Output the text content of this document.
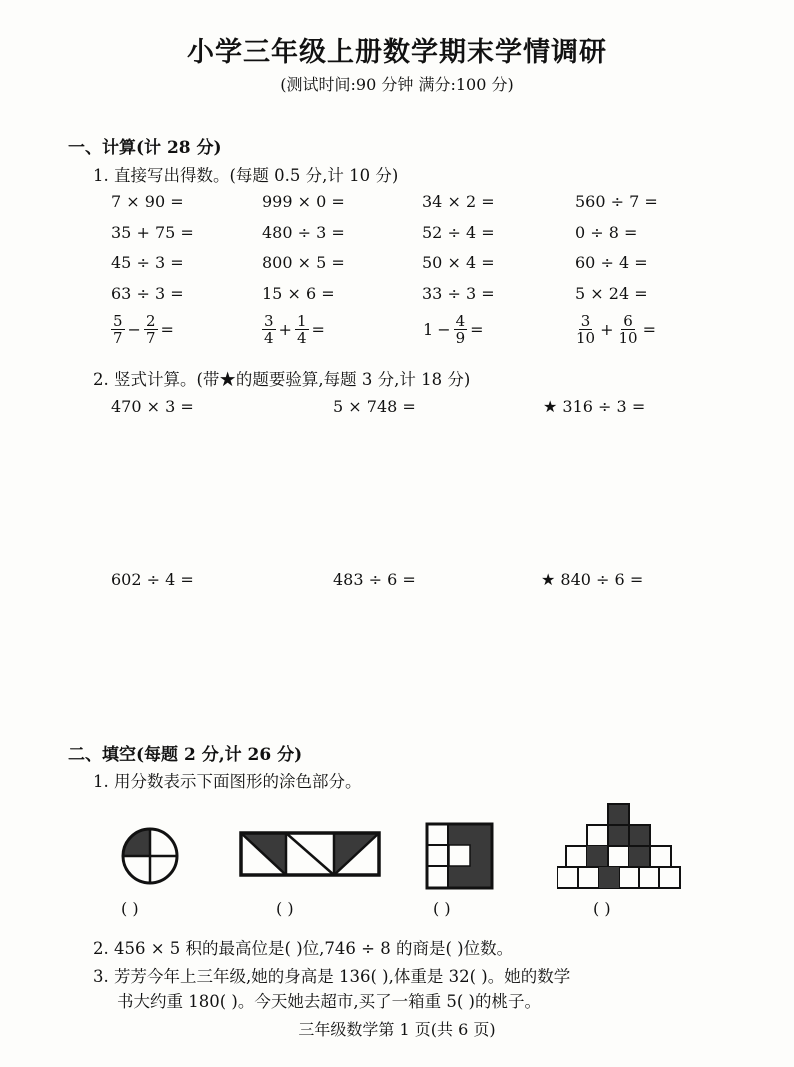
小学三年级上册数学期末学情调研
(测试时间:90 分钟 满分:100 分)
一、计算(计 28 分)
1. 直接写出得数。(每题 0.5 分,计 10 分)
7 × 90 =	999 × 0 =	34 × 2 =	560 ÷ 7 =
35 + 75 =	480 ÷ 3 =	52 ÷ 4 =	0 ÷ 8 =
45 ÷ 3 =	800 × 5 =	50 × 4 =	60 ÷ 4 =
63 ÷ 3 =	15 × 6 =	33 ÷ 3 =	5 × 24 =
$\frac{5}{7} - \frac{2}{7}$ =	$\frac{3}{4} + \frac{1}{4}$ =	$1 - \frac{4}{9}$ =	$\frac{3}{10} + \frac{6}{10}$ =
2. 竖式计算。(带★的题要验算,每题 3 分,计 18 分)
470 × 3 =	5 × 748 =	★ 316 ÷ 3 =
602 ÷ 4 =	483 ÷ 6 =	★ 840 ÷ 6 =
二、填空(每题 2 分,计 26 分)
1. 用分数表示下面图形的涂色部分。
( )	( )	( )	( )
2. 456 × 5 积的最高位是( )位,746 ÷ 8 的商是( )位数。
3. 芳芳今年上三年级,她的身高是 136( ),体重是 32( )。她的数学
书大约重 180( )。今天她去超市,买了一箱重 5( )的桃子。
三年级数学第 1 页(共 6 页)
